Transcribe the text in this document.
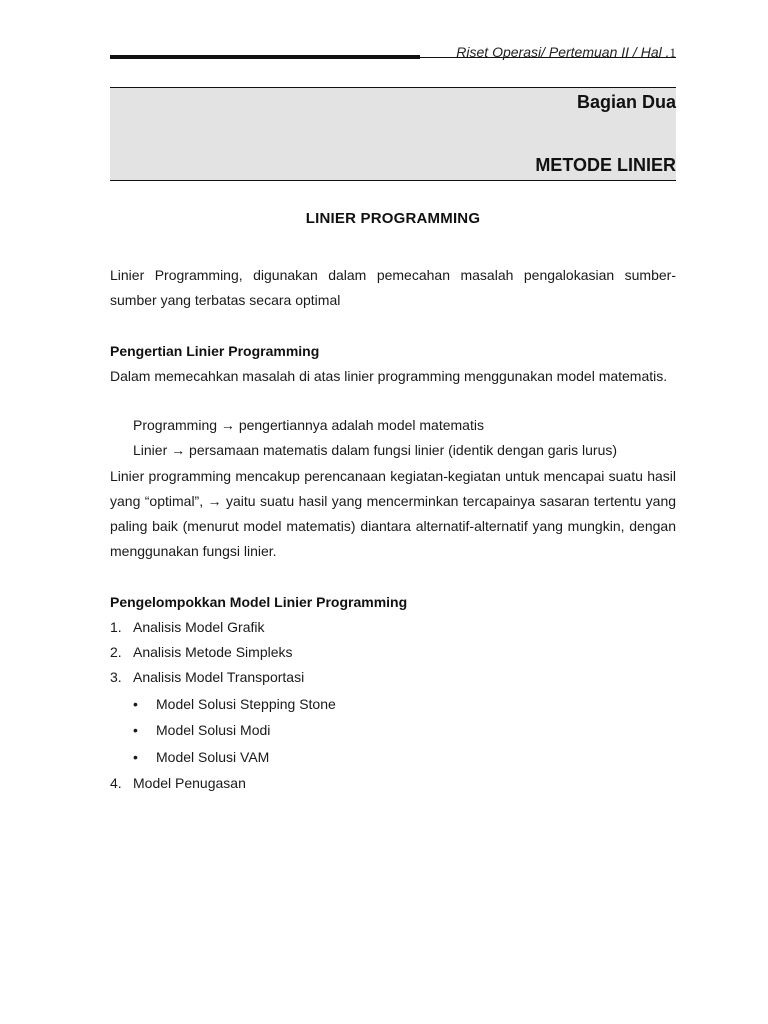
Riset Operasi/ Pertemuan II / Hal .1
Bagian Dua
METODE LINIER
LINIER PROGRAMMING
Linier Programming, digunakan dalam pemecahan masalah pengalokasian sumber-sumber yang terbatas secara optimal
Pengertian Linier Programming
Dalam memecahkan masalah di atas linier programming menggunakan model matematis.
Programming → pengertiannya adalah model matematis
Linier → persamaan matematis dalam fungsi linier (identik dengan garis lurus)
Linier programming mencakup perencanaan kegiatan-kegiatan untuk mencapai suatu hasil yang “optimal”, → yaitu suatu hasil yang mencerminkan tercapainya sasaran tertentu yang paling baik (menurut model matematis) diantara alternatif-alternatif yang mungkin, dengan menggunakan fungsi linier.
Pengelompokkan Model Linier Programming
1. Analisis Model Grafik
2. Analisis Metode Simpleks
3. Analisis Model Transportasi
• Model Solusi Stepping Stone
• Model Solusi Modi
• Model Solusi VAM
4. Model Penugasan
